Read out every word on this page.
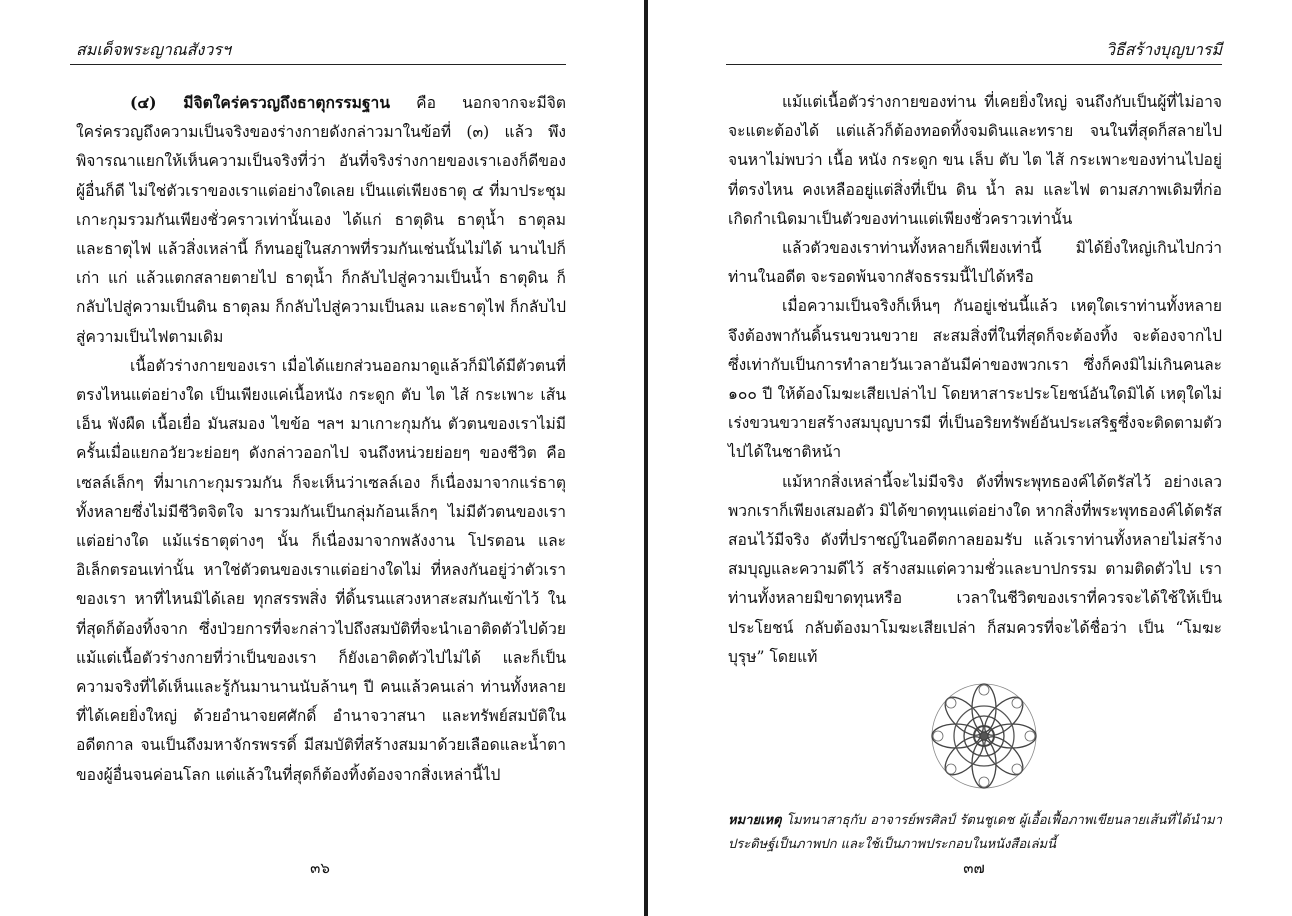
สมเด็จพระญาณสังวรฯ

(๔) มีจิตใคร่ครวญถึงธาตุกรรมฐาน คือ นอกจากจะมีจิตใคร่ครวญถึงความเป็นจริงของร่างกายดังกล่าวมาในข้อที่ (๓) แล้ว พึงพิจารณาแยกให้เห็นความเป็นจริงที่ว่า อันที่จริงร่างกายของเราเองก็ดีของผู้อื่นก็ดี ไม่ใช่ตัวเราของเราแต่อย่างใดเลย เป็นแต่เพียงธาตุ ๔ ที่มาประชุมเกาะกุมรวมกันเพียงชั่วคราวเท่านั้นเอง ได้แก่ ธาตุดิน ธาตุน้ำ ธาตุลม และธาตุไฟ แล้วสิ่งเหล่านี้ ก็ทนอยู่ในสภาพที่รวมกันเช่นนั้นไม่ได้ นานไปก็เก่า แก่ แล้วแตกสลายตายไป ธาตุน้ำ ก็กลับไปสู่ความเป็นน้ำ ธาตุดิน ก็กลับไปสู่ความเป็นดิน ธาตุลม ก็กลับไปสู่ความเป็นลม และธาตุไฟ ก็กลับไปสู่ความเป็นไฟตามเดิม

เนื้อตัวร่างกายของเรา เมื่อได้แยกส่วนออกมาดูแล้วก็มิได้มีตัวตนที่ตรงไหนแต่อย่างใด เป็นเพียงแค่เนื้อหนัง กระดูก ตับ ไต ไส้ กระเพาะ เส้นเอ็น พังผืด เนื้อเยื่อ มันสมอง ไขข้อ ฯลฯ มาเกาะกุมกัน ตัวตนของเราไม่มี ครั้นเมื่อแยกอวัยวะย่อยๆ ดังกล่าวออกไป จนถึงหน่วยย่อยๆ ของชีวิต คือ เซลล์เล็กๆ ที่มาเกาะกุมรวมกัน ก็จะเห็นว่าเซลล์เอง ก็เนื่องมาจากแร่ธาตุทั้งหลายซึ่งไม่มีชีวิตจิตใจ มารวมกันเป็นกลุ่มก้อนเล็กๆ ไม่มีตัวตนของเราแต่อย่างใด แม้แร่ธาตุต่างๆ นั้น ก็เนื่องมาจากพลังงาน โปรตอน และอิเล็กตรอนเท่านั้น หาใช่ตัวตนของเราแต่อย่างใดไม่ ที่หลงกันอยู่ว่าตัวเราของเรา หาที่ไหนมิได้เลย ทุกสรรพสิ่ง ที่ดิ้นรนแสวงหาสะสมกันเข้าไว้ ในที่สุดก็ต้องทิ้งจาก ซึ่งป่วยการที่จะกล่าวไปถึงสมบัติที่จะนำเอาติดตัวไปด้วย แม้แต่เนื้อตัวร่างกายที่ว่าเป็นของเรา ก็ยังเอาติดตัวไปไม่ได้ และก็เป็นความจริงที่ได้เห็นและรู้กันมานานนับล้านๆ ปี คนแล้วคนเล่า ท่านทั้งหลายที่ได้เคยยิ่งใหญ่ ด้วยอำนาจยศศักดิ์ อำนาจวาสนา และทรัพย์สมบัติในอดีตกาล จนเป็นถึงมหาจักรพรรดิ์ มีสมบัติที่สร้างสมมาด้วยเลือดและน้ำตาของผู้อื่นจนค่อนโลก แต่แล้วในที่สุดก็ต้องทิ้งต้องจากสิ่งเหล่านี้ไป

๓๖
วิธีสร้างบุญบารมี

แม้แต่เนื้อตัวร่างกายของท่าน ที่เคยยิ่งใหญ่ จนถึงกับเป็นผู้ที่ไม่อาจจะแตะต้องได้ แต่แล้วก็ต้องทอดทิ้งจมดินและทราย จนในที่สุดก็สลายไป จนหาไม่พบว่า เนื้อ หนัง กระดูก ขน เล็บ ตับ ไต ไส้ กระเพาะของท่านไปอยู่ที่ตรงไหน คงเหลืออยู่แต่สิ่งที่เป็น ดิน น้ำ ลม และไฟ ตามสภาพเดิมที่ก่อเกิดกำเนิดมาเป็นตัวของท่านแต่เพียงชั่วคราวเท่านั้น

แล้วตัวของเราท่านทั้งหลายก็เพียงเท่านี้ มิได้ยิ่งใหญ่เกินไปกว่าท่านในอดีต จะรอดพ้นจากสัจธรรมนี้ไปได้หรือ

เมื่อความเป็นจริงก็เห็นๆ กันอยู่เช่นนี้แล้ว เหตุใดเราท่านทั้งหลายจึงต้องพากันดิ้นรนขวนขวาย สะสมสิ่งที่ในที่สุดก็จะต้องทิ้ง จะต้องจากไป ซึ่งเท่ากับเป็นการทำลายวันเวลาอันมีค่าของพวกเรา ซึ่งก็คงมิไม่เกินคนละ ๑๐๐ ปี ให้ต้องโมฆะเสียเปล่าไป โดยหาสาระประโยชน์อันใดมิได้ เหตุใดไม่เร่งขวนขวายสร้างสมบุญบารมี ที่เป็นอริยทรัพย์อันประเสริฐซึ่งจะติดตามตัวไปได้ในชาติหน้า

แม้หากสิ่งเหล่านี้จะไม่มีจริง ดังที่พระพุทธองค์ได้ตรัสไว้ อย่างเลวพวกเราก็เพียงเสมอตัว มิได้ขาดทุนแต่อย่างใด หากสิ่งที่พระพุทธองค์ได้ตรัสสอนไว้มีจริง ดังที่ปราชญ์ในอดีตกาลยอมรับ แล้วเราท่านทั้งหลายไม่สร้างสมบุญและความดีไว้ สร้างสมแต่ความชั่วและบาปกรรม ตามติดตัวไป เราท่านทั้งหลายมิขาดทุนหรือ เวลาในชีวิตของเราที่ควรจะได้ใช้ให้เป็นประโยชน์ กลับต้องมาโมฆะเสียเปล่า ก็สมควรที่จะได้ชื่อว่า เป็น “โมฆะบุรุษ” โดยแท้

หมายเหตุ โมทนาสาธุกับ อาจารย์พรศิลป์ รัตนชูเดช ผู้เอื้อเฟื้อภาพเขียนลายเส้นที่ได้นำมาประดิษฐ์เป็นภาพปก และใช้เป็นภาพประกอบในหนังสือเล่มนี้

๓๗
